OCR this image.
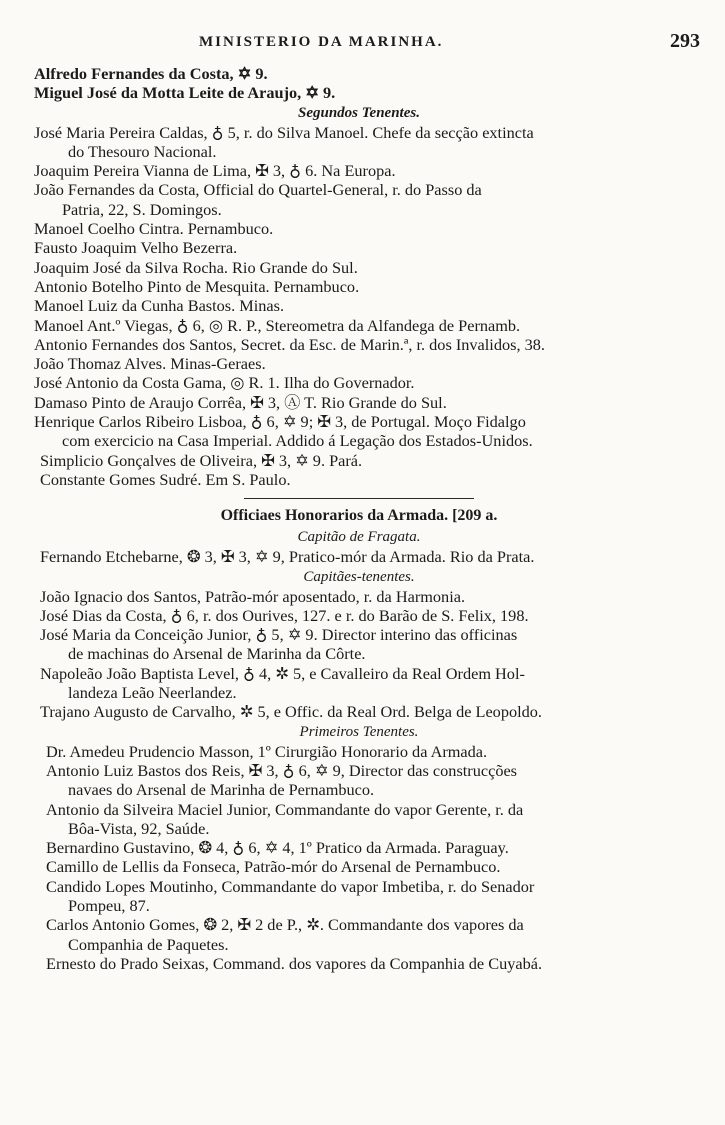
MINISTERIO DA MARINHA.	293
Alfredo Fernandes da Costa, ✡ 9.
Miguel José da Motta Leite de Araujo, ✡ 9.
Segundos Tenentes.
José Maria Pereira Caldas, ♁ 5, r. do Silva Manoel. Chefe da secção extincta
do Thesouro Nacional.
Joaquim Pereira Vianna de Lima, ✠ 3, ♁ 6. Na Europa.
João Fernandes da Costa, Official do Quartel-General, r. do Passo da
Patria, 22, S. Domingos.
Manoel Coelho Cintra. Pernambuco.
Fausto Joaquim Velho Bezerra.
Joaquim José da Silva Rocha. Rio Grande do Sul.
Antonio Botelho Pinto de Mesquita. Pernambuco.
Manoel Luiz da Cunha Bastos. Minas.
Manoel Ant.º Viegas, ♁ 6, ◎ R. P., Stereometra da Alfandega de Pernamb.
Antonio Fernandes dos Santos, Secret. da Esc. de Marin.ª, r. dos Invalidos, 38.
João Thomaz Alves. Minas-Geraes.
José Antonio da Costa Gama, ◎ R. 1. Ilha do Governador.
Damaso Pinto de Araujo Corrêa, ✠ 3, Ⓐ T. Rio Grande do Sul.
Henrique Carlos Ribeiro Lisboa, ♁ 6, ✡ 9; ✠ 3, de Portugal. Moço Fidalgo
com exercicio na Casa Imperial. Addido á Legação dos Estados-Unidos.
Simplicio Gonçalves de Oliveira, ✠ 3, ✡ 9. Pará.
Constante Gomes Sudré. Em S. Paulo.
Officiaes Honorarios da Armada. [209 a.
Capitão de Fragata.
Fernando Etchebarne, ❂ 3, ✠ 3, ✡ 9, Pratico-mór da Armada. Rio da Prata.
Capitães-tenentes.
João Ignacio dos Santos, Patrão-mór aposentado, r. da Harmonia.
José Dias da Costa, ♁ 6, r. dos Ourives, 127. e r. do Barão de S. Felix, 198.
José Maria da Conceição Junior, ♁ 5, ✡ 9. Director interino das officinas
de machinas do Arsenal de Marinha da Côrte.
Napoleão João Baptista Level, ♁ 4, ✲ 5, e Cavalleiro da Real Ordem Hol-
landeza Leão Neerlandez.
Trajano Augusto de Carvalho, ✲ 5, e Offic. da Real Ord. Belga de Leopoldo.
Primeiros Tenentes.
Dr. Amedeu Prudencio Masson, 1º Cirurgião Honorario da Armada.
Antonio Luiz Bastos dos Reis, ✠ 3, ♁ 6, ✡ 9, Director das construcções
navaes do Arsenal de Marinha de Pernambuco.
Antonio da Silveira Maciel Junior, Commandante do vapor Gerente, r. da
Bôa-Vista, 92, Saúde.
Bernardino Gustavino, ❂ 4, ♁ 6, ✡ 4, 1º Pratico da Armada. Paraguay.
Camillo de Lellis da Fonseca, Patrão-mór do Arsenal de Pernambuco.
Candido Lopes Moutinho, Commandante do vapor Imbetiba, r. do Senador
Pompeu, 87.
Carlos Antonio Gomes, ❂ 2, ✠ 2 de P., ✲. Commandante dos vapores da
Companhia de Paquetes.
Ernesto do Prado Seixas, Command. dos vapores da Companhia de Cuyabá.
